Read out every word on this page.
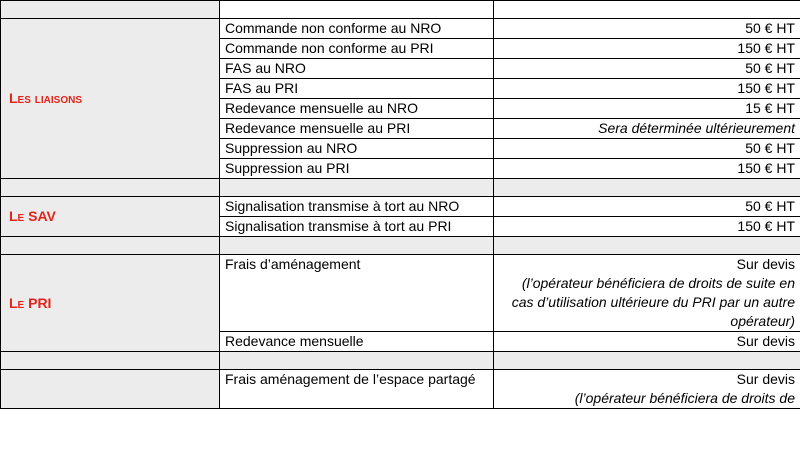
Les liaisons	Commande non conforme au NRO	50 € HT
	Commande non conforme au PRI	150 € HT
	FAS au NRO	50 € HT
	FAS au PRI	150 € HT
	Redevance mensuelle au NRO	15 € HT
	Redevance mensuelle au PRI	Sera déterminée ultérieurement
	Suppression au NRO	50 € HT
	Suppression au PRI	150 € HT

Le SAV	Signalisation transmise à tort au NRO	50 € HT
	Signalisation transmise à tort au PRI	150 € HT

Le PRI	Frais d’aménagement	Sur devis
(l’opérateur bénéficiera de droits de suite en cas d’utilisation ultérieure du PRI par un autre opérateur)

	Redevance mensuelle	Sur devis

	Frais aménagement de l’espace partagé	Sur devis
(l’opérateur bénéficiera de droits de
